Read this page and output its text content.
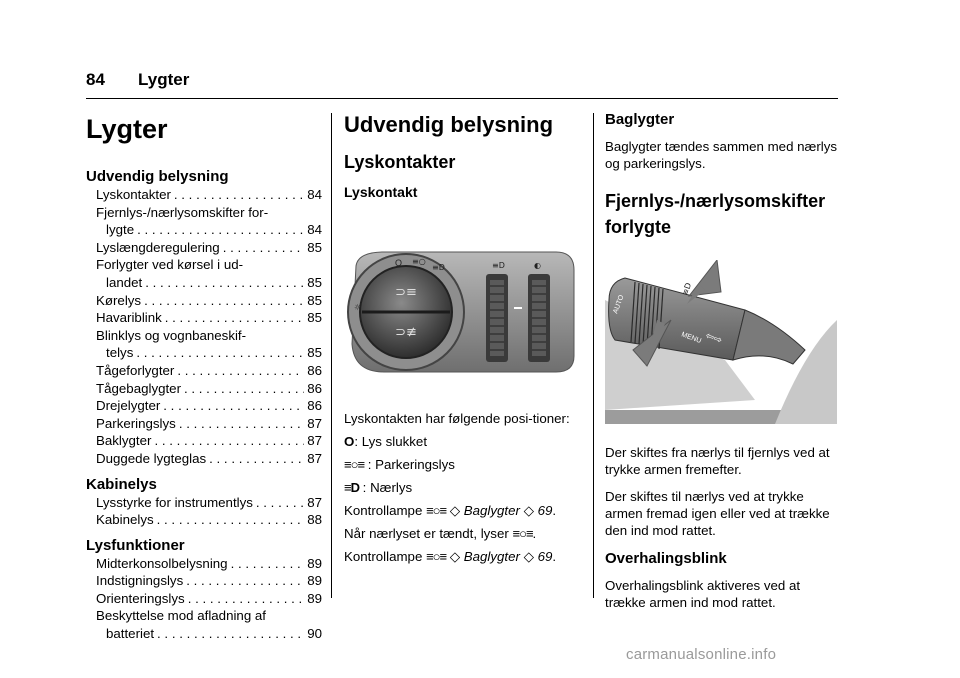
84 Lygter
Lygter
Udvendig belysning
Lyskontakter . . .	84
Fjernlys-/nærlysomskifter for-
lygte . . .	84
Lyslængderegulering . . .	85
Forlygter ved kørsel i ud-
landet . . .	85
Kørelys . . .	85
Havariblink . . .	85
Blinklys og vognbaneskif-
telys . . .	85
Tågeforlygter . . .	86
Tågebaglygter . . .	86
Drejelygter . . .	86
Parkeringslys . . .	87
Baklygter . . .	87
Duggede lygteglas . . .	87
Kabinelys
Lysstyrke for instrumentlys . . .	87
Kabinelys . . .	88
Lysfunktioner
Midterkonsolbelysning . . .	89
Indstigningslys . . .	89
Orienteringslys . . .	89
Beskyttelse mod afladning af
batteriet . . .	90
Udvendig belysning
Lyskontakter
Lyskontakt
⊃≡
⊃≢
O ≡○
≡D
☼
≡D	◐

Lyskontakten har følgende posi-tioner:

O: Lys slukket

≡○≡ : Parkeringslys

≡D : Nærlys

Kontrollampe ≡○≡ ◇ Baglygter ◇ 69.

Når nærlyset er tændt, lyser ≡○≡.

Kontrollampe ≡○≡ ◇ Baglygter ◇ 69.

Baglygter

Baglygter tændes sammen med nærlys og parkeringslys.

Fjernlys-/nærlysomskifter
forlygte
AUTO
MENU ⇦⇨
≡D

Der skiftes fra nærlys til fjernlys ved at trykke armen fremefter.

Der skiftes til nærlys ved at trykke armen fremad igen eller ved at trække den ind mod rattet.

Overhalingsblink

Overhalingsblink aktiveres ved at trække armen ind mod rattet.

carmanualsonline.info
